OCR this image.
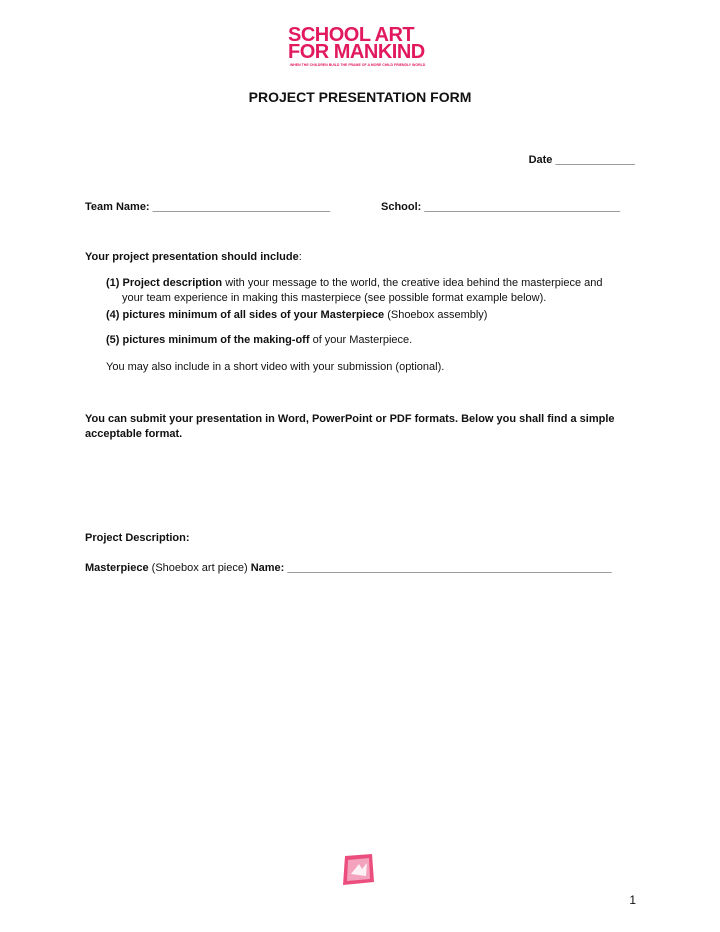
SCHOOL ART
FOR MANKIND
WHEN THE CHILDREN BUILD THE FRAME OF A MORE CHILD FRIENDLY WORLD
PROJECT PRESENTATION FORM
Date _____________
Team Name: _____________________________	School: ________________________________
Your project presentation should include:
(1) Project description with your message to the world, the creative idea behind the masterpiece and
your team experience in making this masterpiece (see possible format example below).
(4) pictures minimum of all sides of your Masterpiece (Shoebox assembly)
(5) pictures minimum of the making-off of your Masterpiece.
You may also include in a short video with your submission (optional).
You can submit your presentation in Word, PowerPoint or PDF formats. Below you shall find a simple
acceptable format.
Project Description:
Masterpiece (Shoebox art piece) Name: _____________________________________________________
1
